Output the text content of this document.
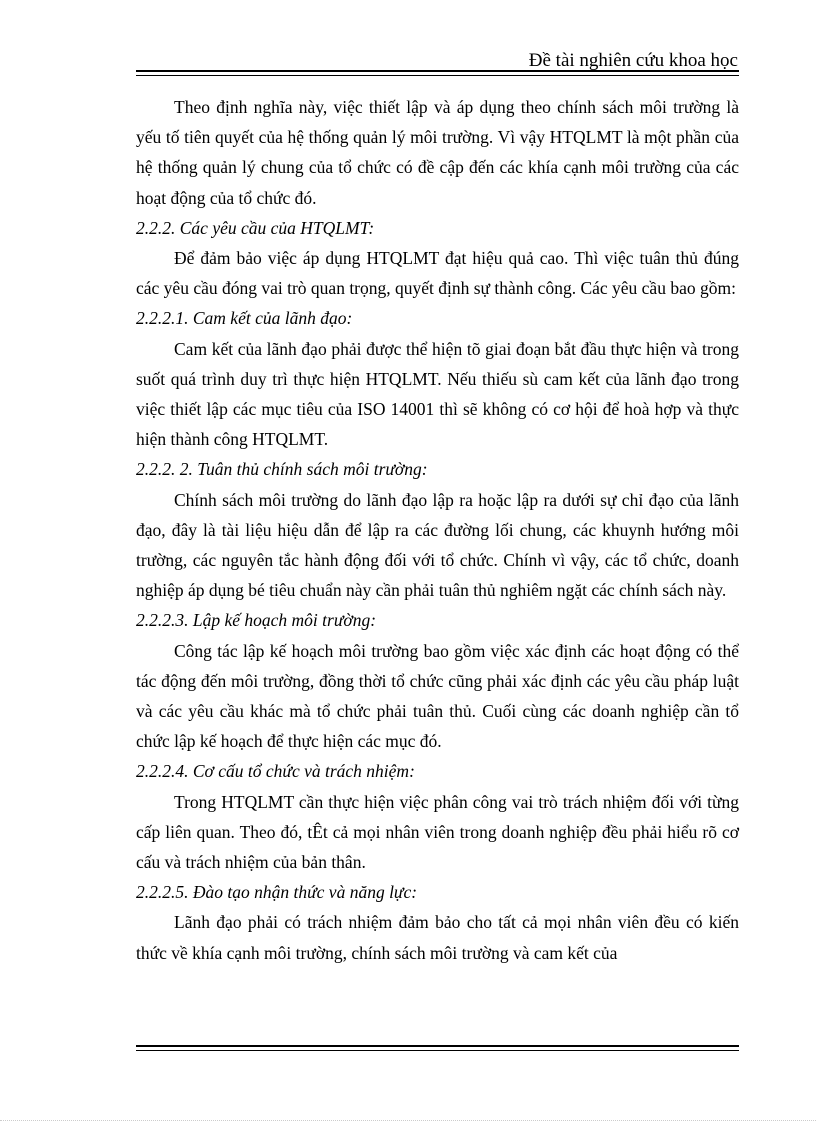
Đề tài nghiên cứu khoa học

Theo định nghĩa này, việc thiết lập và áp dụng theo chính sách môi trường là yếu tố tiên quyết của hệ thống quản lý môi trường. Vì vậy HTQLMT là một phần của hệ thống quản lý chung của tổ chức có đề cập đến các khía cạnh môi trường của các hoạt động của tổ chức đó.

2.2.2. Các yêu cầu của HTQLMT:

Để đảm bảo việc áp dụng HTQLMT đạt hiệu quả cao. Thì việc tuân thủ đúng các yêu cầu đóng vai trò quan trọng, quyết định sự thành công. Các yêu cầu bao gồm:

2.2.2.1. Cam kết của lãnh đạo:

Cam kết của lãnh đạo phải được thể hiện tõ giai đoạn bắt đầu thực hiện và trong suốt quá trình duy trì thực hiện HTQLMT. Nếu thiếu sù cam kết của lãnh đạo trong việc thiết lập các mục tiêu của ISO 14001 thì sẽ không có cơ hội để hoà hợp và thực hiện thành công HTQLMT.

2.2.2. 2. Tuân thủ chính sách môi trường:

Chính sách môi trường do lãnh đạo lập ra hoặc lập ra dưới sự chỉ đạo của lãnh đạo, đây là tài liệu hiệu dẫn để lập ra các đường lối chung, các khuynh hướng môi trường, các nguyên tắc hành động đối với tổ chức. Chính vì vậy, các tổ chức, doanh nghiệp áp dụng bé tiêu chuẩn này cần phải tuân thủ nghiêm ngặt các chính sách này.

2.2.2.3. Lập kế hoạch môi trường:

Công tác lập kế hoạch môi trường bao gồm việc xác định các hoạt động có thể tác động đến môi trường, đồng thời tổ chức cũng phải xác định các yêu cầu pháp luật và các yêu cầu khác mà tổ chức phải tuân thủ. Cuối cùng các doanh nghiệp cần tổ chức lập kế hoạch để thực hiện các mục đó.

2.2.2.4. Cơ cấu tổ chức và trách nhiệm:

Trong HTQLMT cần thực hiện việc phân công vai trò trách nhiệm đối với từng cấp liên quan. Theo đó, tÊt cả mọi nhân viên trong doanh nghiệp đều phải hiểu rõ cơ cấu và trách nhiệm của bản thân.

2.2.2.5. Đào tạo nhận thức và năng lực:

Lãnh đạo phải có trách nhiệm đảm bảo cho tất cả mọi nhân viên đều có kiến thức về khía cạnh môi trường, chính sách môi trường và cam kết của
